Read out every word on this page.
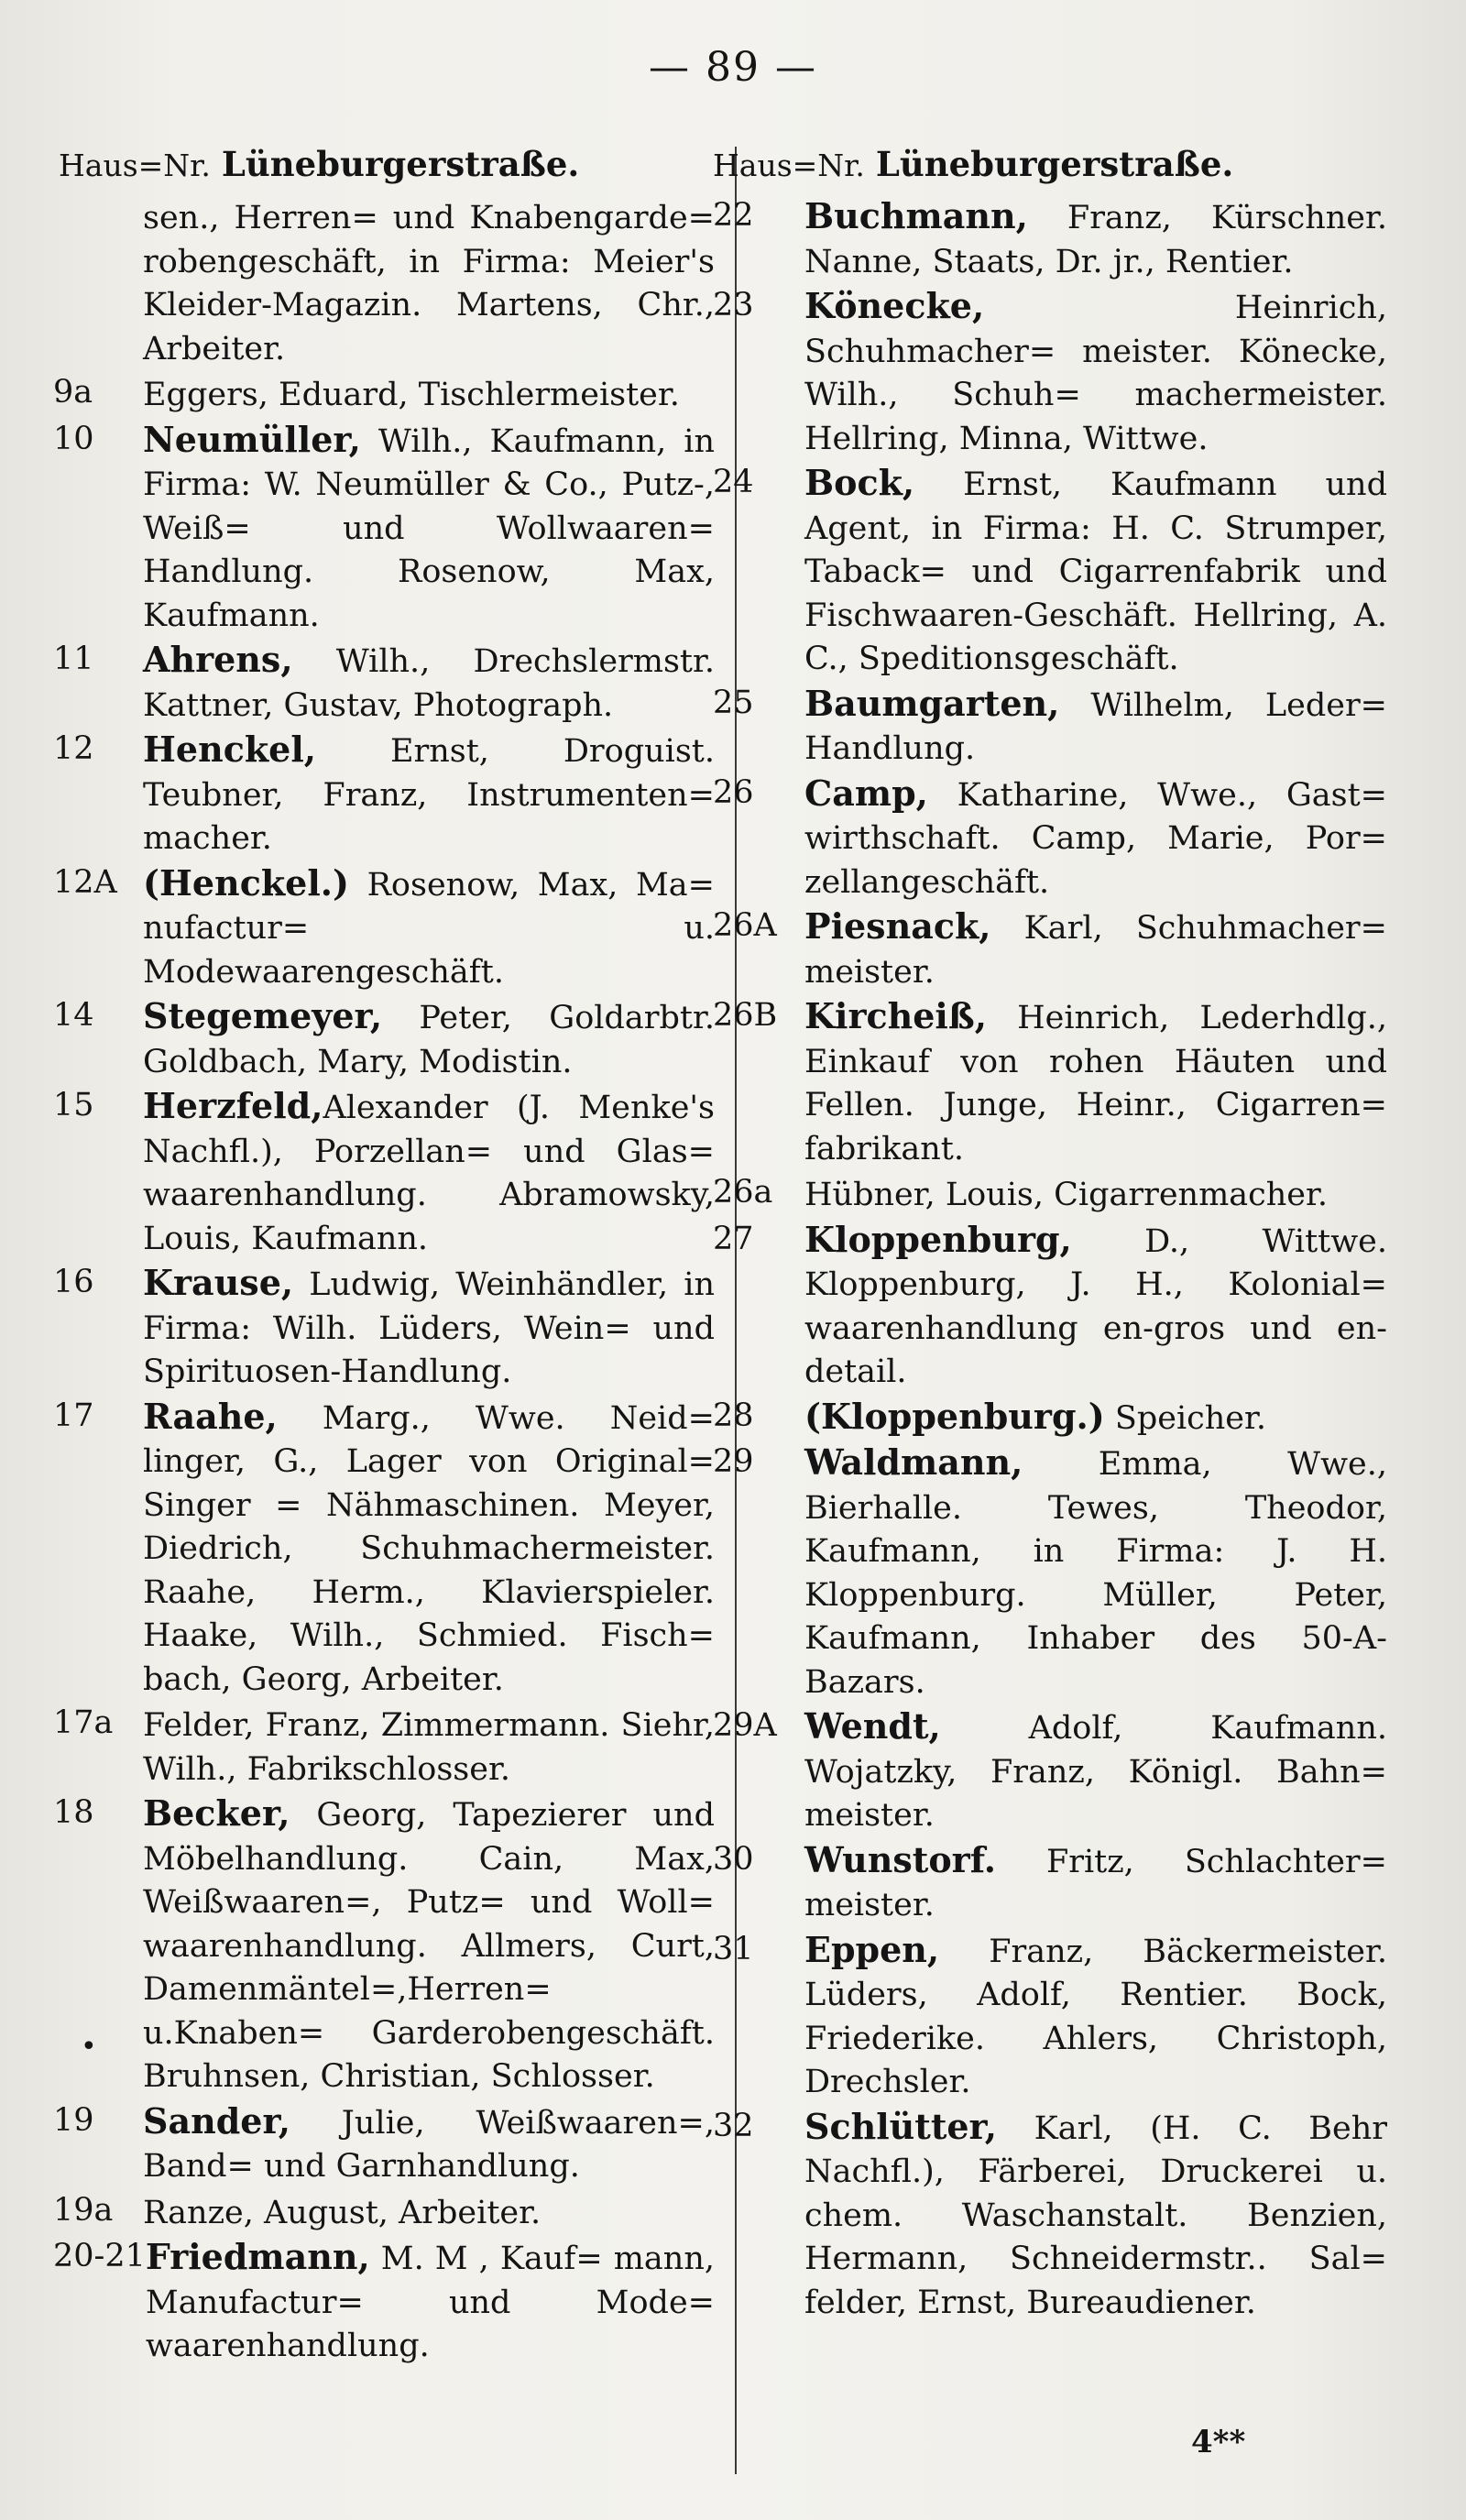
— 89 —
Haus=Nr. Lüneburgerstraße.
sen., Herren= und Knabengarde= robengeschäft, in Firma: Meier's Kleider-Magazin. Martens, Chr., Arbeiter.
9a	Eggers, Eduard, Tischlermeister.
10	Neumüller, Wilh., Kaufmann, in Firma: W. Neumüller & Co., Putz-, Weiß= und Wollwaaren= Handlung. Rosenow, Max, Kaufmann.
11	Ahrens, Wilh., Drechslermstr. Kattner, Gustav, Photograph.
12	Henckel, Ernst, Droguist. Teubner, Franz, Instrumenten= macher.
12A (Henckel.) Rosenow, Max, Ma= nufactur= u. Modewaarengeschäft.
14	Stegemeyer, Peter, Goldarbtr. Goldbach, Mary, Modistin.
15	Herzfeld,Alexander (J. Menke's Nachfl.), Porzellan= und Glas= waarenhandlung. Abramowsky, Louis, Kaufmann.
16	Krause, Ludwig, Weinhändler, in Firma: Wilh. Lüders, Wein= und Spirituosen-Handlung.
17	Raahe, Marg., Wwe. Neid= linger, G., Lager von Original= Singer = Nähmaschinen. Meyer, Diedrich, Schuhmachermeister. Raahe, Herm., Klavierspieler. Haake, Wilh., Schmied. Fisch= bach, Georg, Arbeiter.
17a Felder, Franz, Zimmermann. Siehr, Wilh., Fabrikschlosser.
18	Becker, Georg, Tapezierer und Möbelhandlung. Cain, Max, Weißwaaren=, Putz= und Woll= waarenhandlung. Allmers, Curt, Damenmäntel=,Herren= u.Knaben= Garderobengeschäft. Bruhnsen, Christian, Schlosser.
19	Sander, Julie, Weißwaaren=, Band= und Garnhandlung.
19a Ranze, August, Arbeiter.
20-21 Friedmann, M. M , Kauf= mann, Manufactur= und Mode= waarenhandlung.
Haus=Nr. Lüneburgerstraße.
22	Buchmann, Franz, Kürschner. Nanne, Staats, Dr. jr., Rentier.
23	Könecke, Heinrich, Schuhmacher= meister. Könecke, Wilh., Schuh= machermeister. Hellring, Minna, Wittwe.
24	Bock, Ernst, Kaufmann und Agent, in Firma: H. C. Strumper, Taback= und Cigarrenfabrik und Fischwaaren-Geschäft. Hellring, A. C., Speditionsgeschäft.
25	Baumgarten, Wilhelm, Leder= Handlung.
26	Camp, Katharine, Wwe., Gast= wirthschaft. Camp, Marie, Por= zellangeschäft.
26A Piesnack, Karl, Schuhmacher= meister.
26B Kircheiß, Heinrich, Lederhdlg., Einkauf von rohen Häuten und Fellen. Junge, Heinr., Cigarren= fabrikant.
26a Hübner, Louis, Cigarrenmacher.
27	Kloppenburg, D., Wittwe. Kloppenburg, J. H., Kolonial= waarenhandlung en-gros und en-detail.
28	(Kloppenburg.) Speicher.
29	Waldmann, Emma, Wwe., Bierhalle. Tewes, Theodor, Kaufmann, in Firma: J. H. Kloppenburg. Müller, Peter, Kaufmann, Inhaber des 50-A- Bazars.
29A Wendt, Adolf, Kaufmann. Wojatzky, Franz, Königl. Bahn= meister.
30	Wunstorf. Fritz, Schlachter= meister.
31	Eppen, Franz, Bäckermeister. Lüders, Adolf, Rentier. Bock, Friederike. Ahlers, Christoph, Drechsler.
32	Schlütter, Karl, (H. C. Behr Nachfl.), Färberei, Druckerei u. chem. Waschanstalt. Benzien, Hermann, Schneidermstr.. Sal= felder, Ernst, Bureaudiener.
•
4**
